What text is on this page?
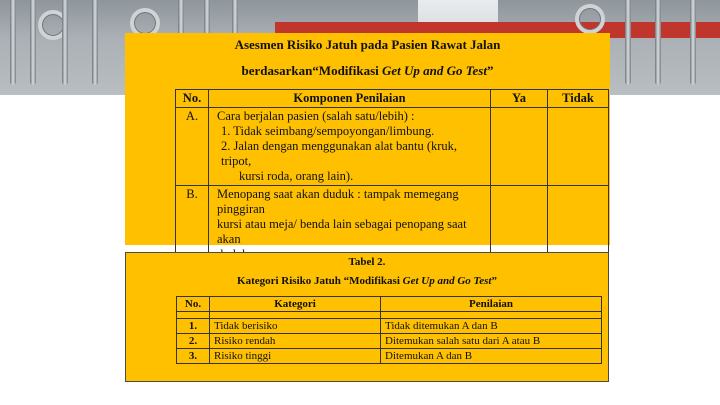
Asesmen Risiko Jatuh pada Pasien Rawat Jalan
berdasarkan“Modifikasi Get Up and Go Test”
No.	Komponen Penilaian	Ya	Tidak
A.	Cara berjalan pasien (salah satu/lebih) :
1. Tidak seimbang/sempoyongan/limbung.
2. Jalan dengan menggunakan alat bantu (kruk, tripot,
kursi roda, orang lain).		

B.	Menopang saat akan duduk : tampak memegang pinggiran
kursi atau meja/ benda lain sebagai penopang saat akan		

Tabel 2.
Kategori Risiko Jatuh “Modifikasi Get Up and Go Test”
No.	Kategori	Penilaian

1.	Tidak berisiko	Tidak ditemukan A dan B
2.	Risiko rendah	Ditemukan salah satu dari A atau B
3.	Risiko tinggi	Ditemukan A dan B
